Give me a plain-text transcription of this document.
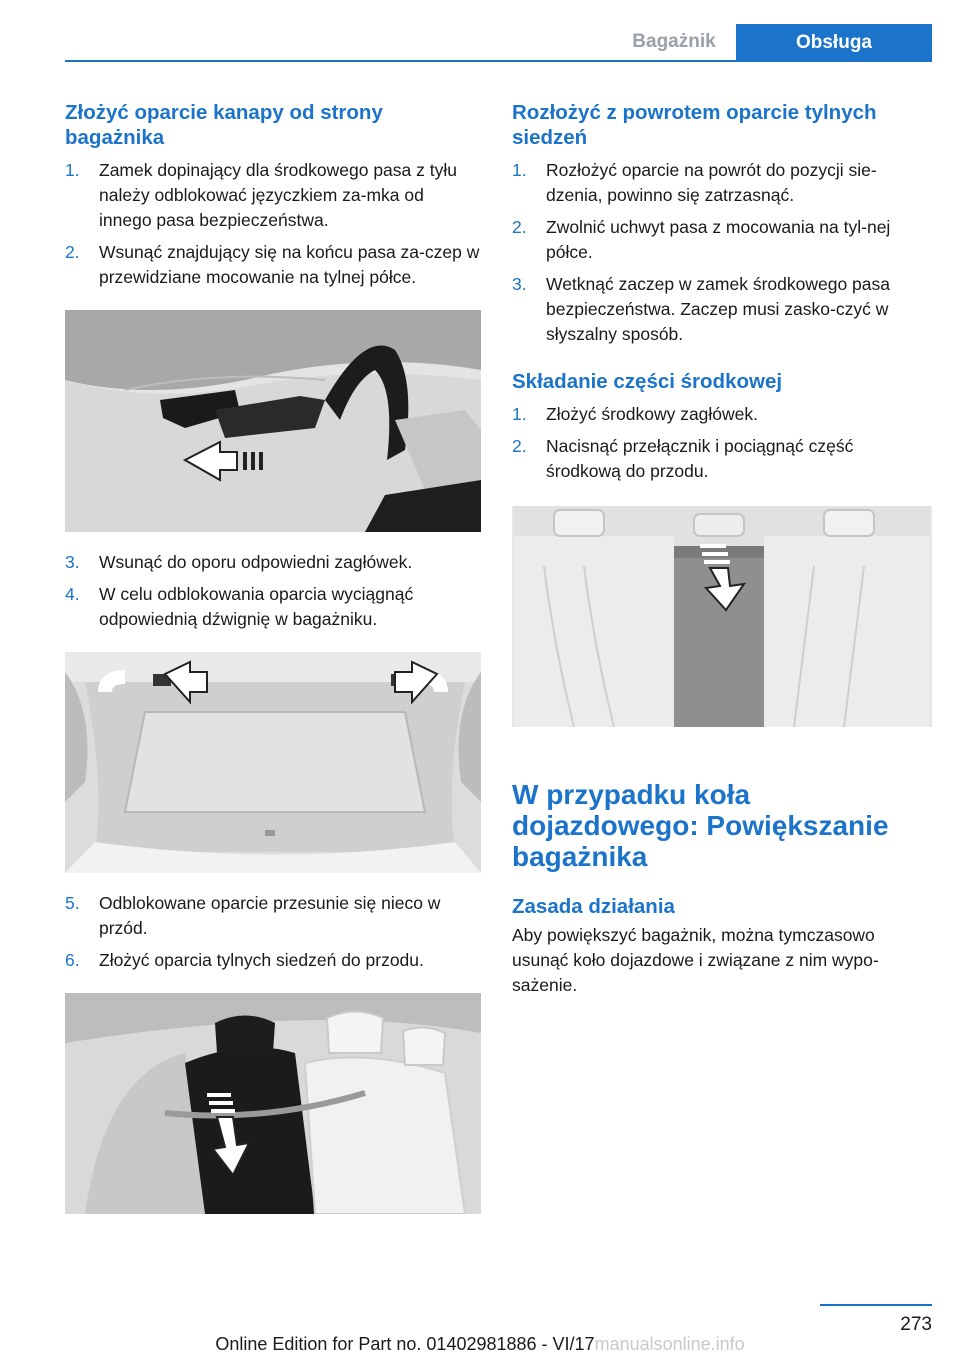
Bagażnik	Obsługa
Złożyć oparcie kanapy od strony bagażnika
1.	Zamek dopinający dla środkowego pasa z tyłu należy odblokować języczkiem za‐mka od innego pasa bezpieczeństwa.
2.	Wsunąć znajdujący się na końcu pasa za‐czep w przewidziane mocowanie na tylnej półce.
3.	Wsunąć do oporu odpowiedni zagłówek.
4.	W celu odblokowania oparcia wyciągnąć odpowiednią dźwignię w bagażniku.
5.	Odblokowane oparcie przesunie się nieco w przód.
6.	Złożyć oparcia tylnych siedzeń do przodu.
Rozłożyć z powrotem oparcie tylnych siedzeń
1.	Rozłożyć oparcie na powrót do pozycji sie‐dzenia, powinno się zatrzasnąć.
2.	Zwolnić uchwyt pasa z mocowania na tyl‐nej półce.
3.	Wetknąć zaczep w zamek środkowego pasa bezpieczeństwa. Zaczep musi zasko‐czyć w słyszalny sposób.
Składanie części środkowej
1.	Złożyć środkowy zagłówek.
2.	Nacisnąć przełącznik i pociągnąć część środkową do przodu.
W przypadku koła dojazdowego: Powiększanie bagażnika
Zasada działania
Aby powiększyć bagażnik, można tymczasowo usunąć koło dojazdowe i związane z nim wypo‐sażenie.
273
Online Edition for Part no. 01402981886 - VI/17manualsonline.info
